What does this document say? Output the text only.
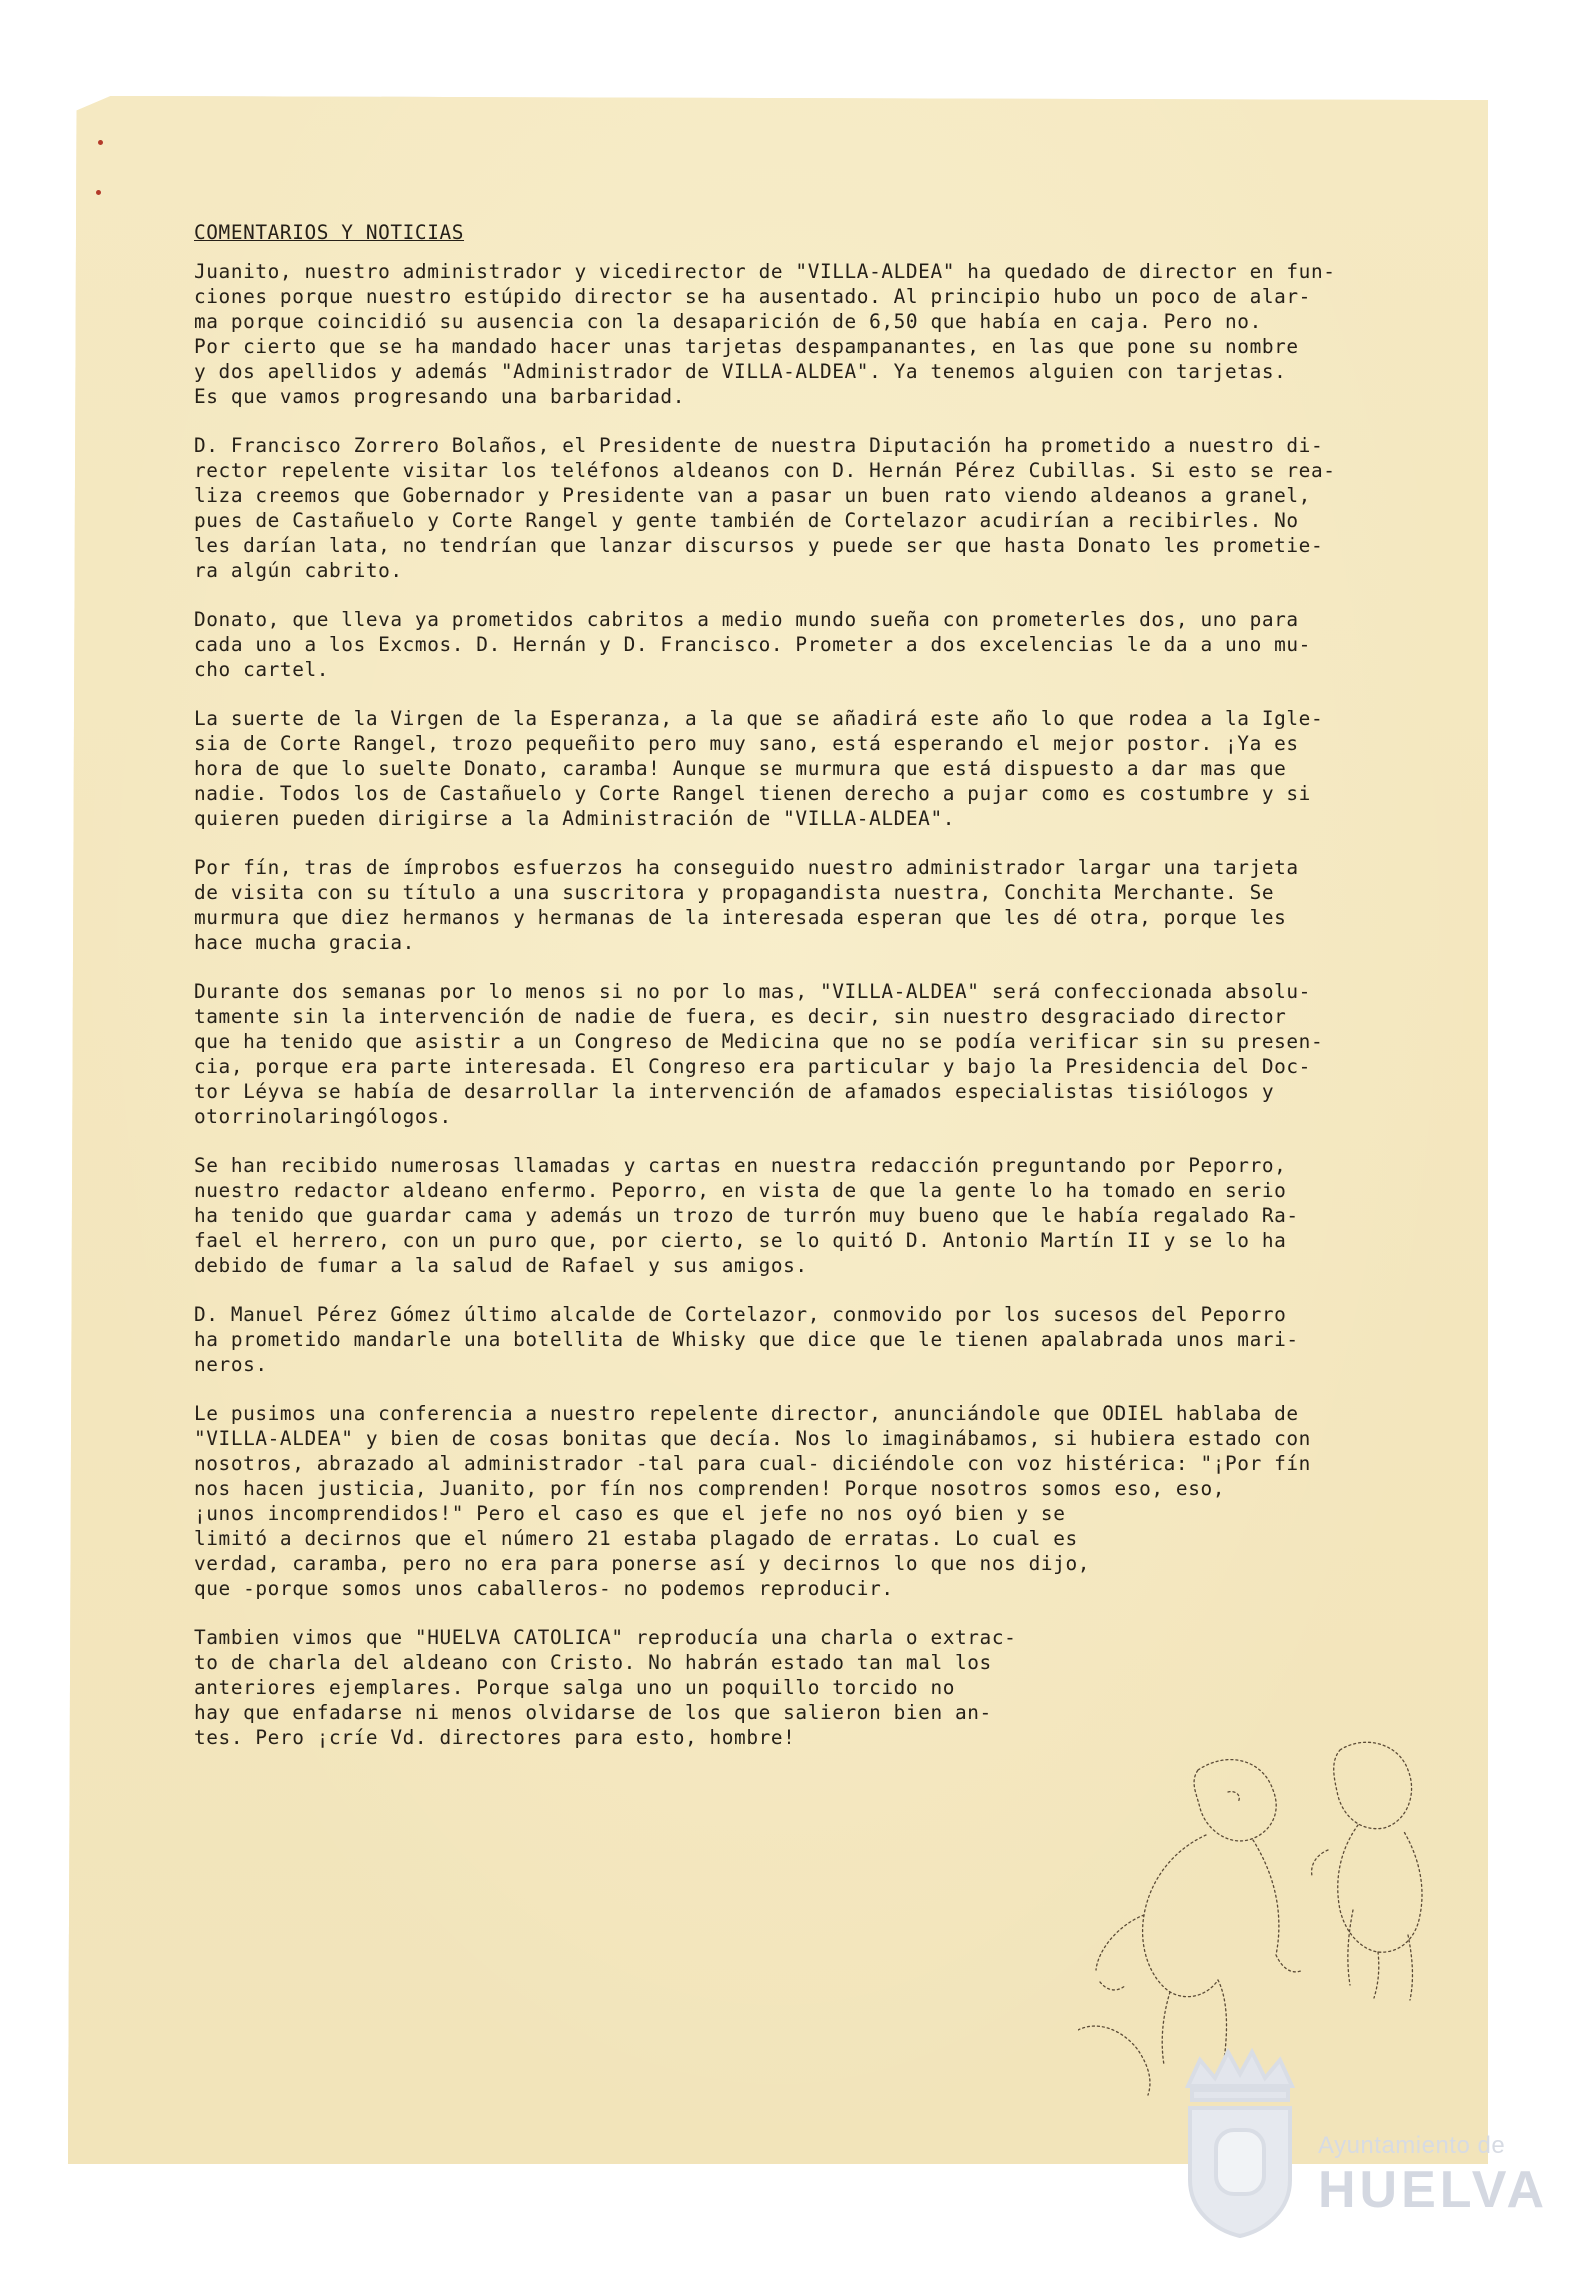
COMENTARIOS Y NOTICIAS
Juanito, nuestro administrador y vicedirector de "VILLA-ALDEA" ha quedado de director en fun-
ciones porque nuestro estúpido director se ha ausentado. Al principio hubo un poco de alar-
ma porque coincidió su ausencia con la desaparición de 6,50 que había en caja. Pero no.
Por cierto que se ha mandado hacer unas tarjetas despampanantes, en las que pone su nombre
y dos apellidos y además "Administrador de VILLA-ALDEA". Ya tenemos alguien con tarjetas.
Es que vamos progresando una barbaridad.
D. Francisco Zorrero Bolaños, el Presidente de nuestra Diputación ha prometido a nuestro di-
rector repelente visitar los teléfonos aldeanos con D. Hernán Pérez Cubillas. Si esto se rea-
liza creemos que Gobernador y Presidente van a pasar un buen rato viendo aldeanos a granel,
pues de Castañuelo y Corte Rangel y gente también de Cortelazor acudirían a recibirles. No
les darían lata, no tendrían que lanzar discursos y puede ser que hasta Donato les prometie-
ra algún cabrito.
Donato, que lleva ya prometidos cabritos a medio mundo sueña con prometerles dos, uno para
cada uno a los Excmos. D. Hernán y D. Francisco. Prometer a dos excelencias le da a uno mu-
cho cartel.
La suerte de la Virgen de la Esperanza, a la que se añadirá este año lo que rodea a la Igle-
sia de Corte Rangel, trozo pequeñito pero muy sano, está esperando el mejor postor. ¡Ya es
hora de que lo suelte Donato, caramba! Aunque se murmura que está dispuesto a dar mas que
nadie. Todos los de Castañuelo y Corte Rangel tienen derecho a pujar como es costumbre y si
quieren pueden dirigirse a la Administración de "VILLA-ALDEA".
Por fín, tras de ímprobos esfuerzos ha conseguido nuestro administrador largar una tarjeta
de visita con su título a una suscritora y propagandista nuestra, Conchita Merchante. Se
murmura que diez hermanos y hermanas de la interesada esperan que les dé otra, porque les
hace mucha gracia.
Durante dos semanas por lo menos si no por lo mas, "VILLA-ALDEA" será confeccionada absolu-
tamente sin la intervención de nadie de fuera, es decir, sin nuestro desgraciado director
que ha tenido que asistir a un Congreso de Medicina que no se podía verificar sin su presen-
cia, porque era parte interesada. El Congreso era particular y bajo la Presidencia del Doc-
tor Léyva se había de desarrollar la intervención de afamados especialistas tisiólogos y
otorrinolaringólogos.
Se han recibido numerosas llamadas y cartas en nuestra redacción preguntando por Peporro,
nuestro redactor aldeano enfermo. Peporro, en vista de que la gente lo ha tomado en serio
ha tenido que guardar cama y además un trozo de turrón muy bueno que le había regalado Ra-
fael el herrero, con un puro que, por cierto, se lo quitó D. Antonio Martín II y se lo ha
debido de fumar a la salud de Rafael y sus amigos.
D. Manuel Pérez Gómez último alcalde de Cortelazor, conmovido por los sucesos del Peporro
ha prometido mandarle una botellita de Whisky que dice que le tienen apalabrada unos mari-
neros.
Le pusimos una conferencia a nuestro repelente director, anunciándole que ODIEL hablaba de
"VILLA-ALDEA" y bien de cosas bonitas que decía. Nos lo imaginábamos, si hubiera estado con
nosotros, abrazado al administrador -tal para cual- diciéndole con voz histérica: "¡Por fín
nos hacen justicia, Juanito, por fín nos comprenden! Porque nosotros somos eso, eso,
¡unos incomprendidos!" Pero el caso es que el jefe no nos oyó bien y se
limitó a decirnos que el número 21 estaba plagado de erratas. Lo cual es
verdad, caramba, pero no era para ponerse así y decirnos lo que nos dijo,
que -porque somos unos caballeros- no podemos reproducir.
Tambien vimos que "HUELVA CATOLICA" reproducía una charla o extrac-
to de charla del aldeano con Cristo. No habrán estado tan mal los
anteriores ejemplares. Porque salga uno un poquillo torcido no
hay que enfadarse ni menos olvidarse de los que salieron bien an-
tes. Pero ¡críe Vd. directores para esto, hombre!
Ayuntamiento de
HUELVA
